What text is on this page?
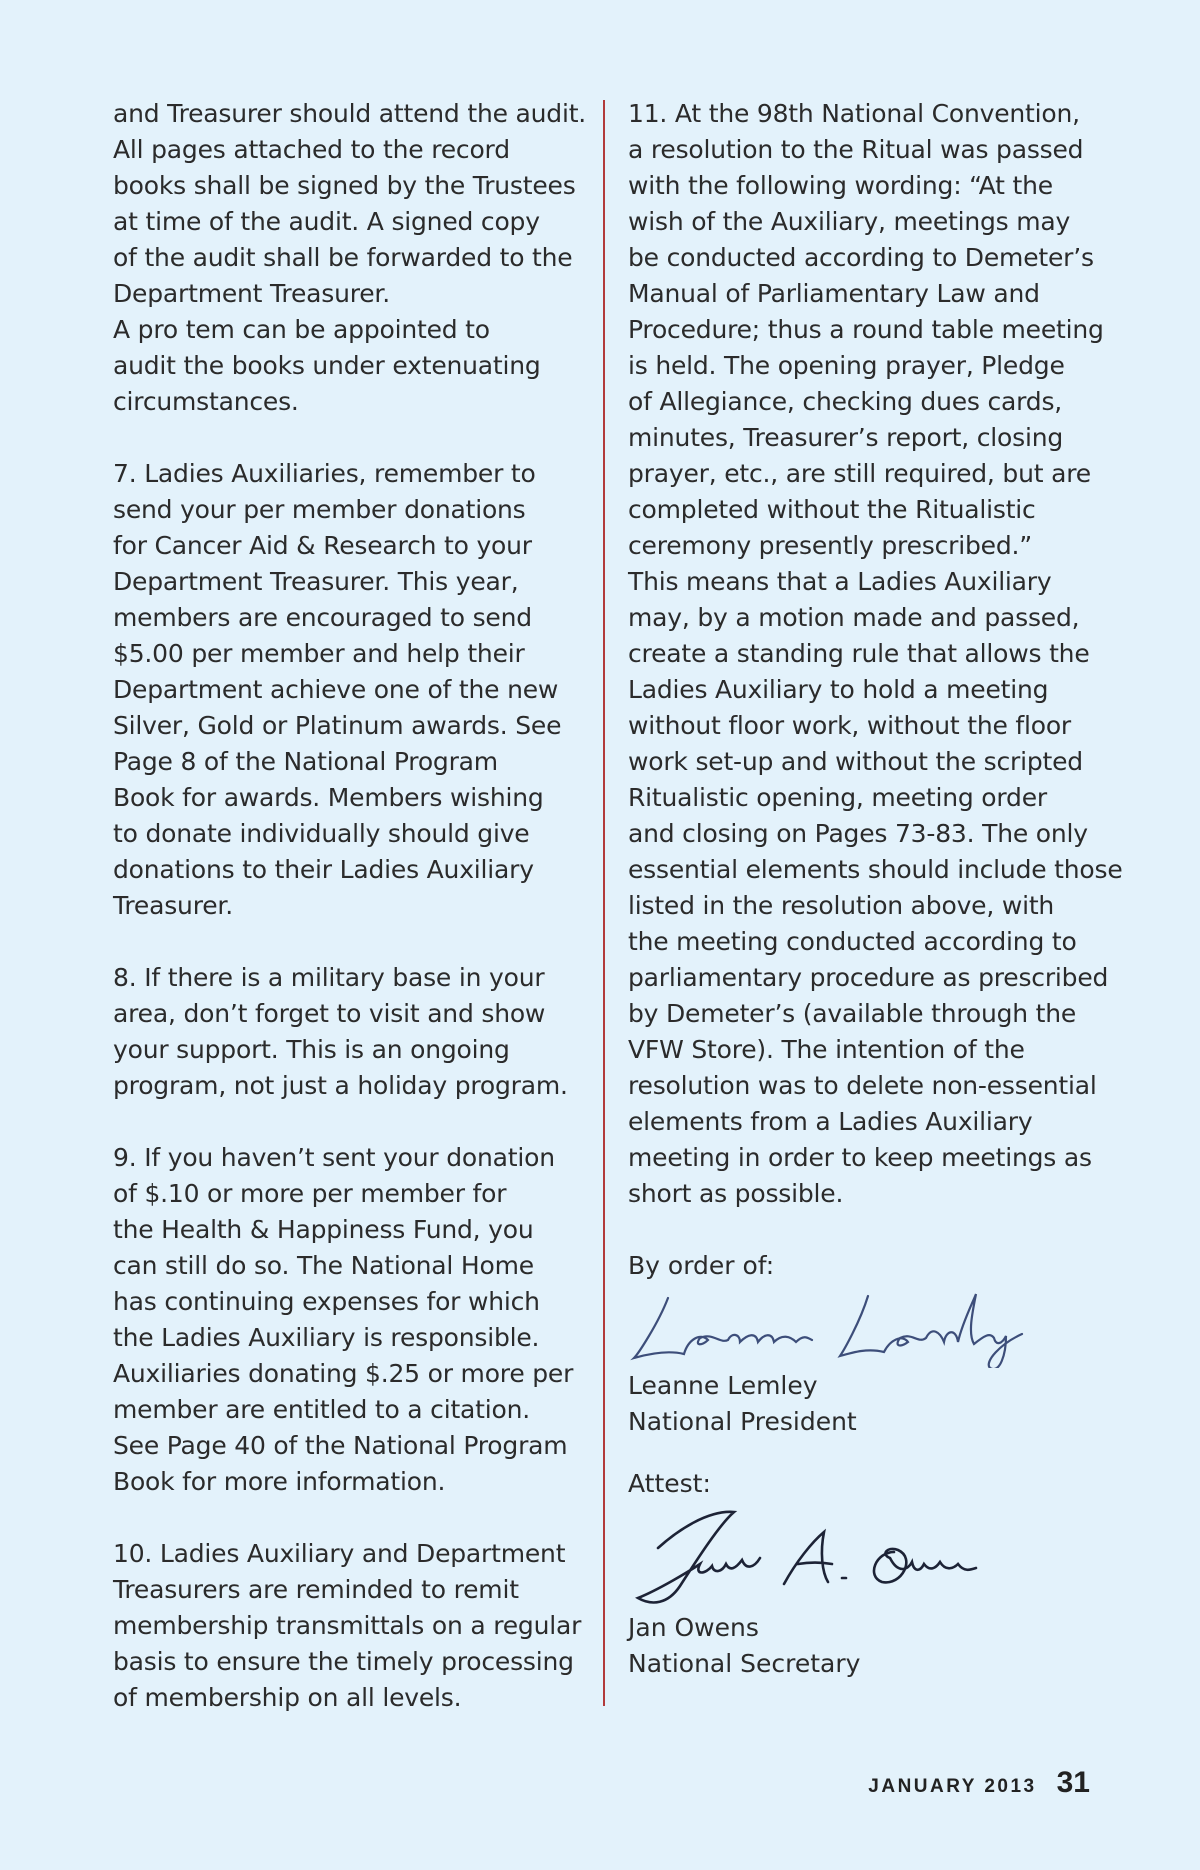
and Treasurer should attend the audit.
All pages attached to the record
books shall be signed by the Trustees
at time of the audit. A signed copy
of the audit shall be forwarded to the
Department Treasurer.
A pro tem can be appointed to
audit the books under extenuating
circumstances.

7. Ladies Auxiliaries, remember to
send your per member donations
for Cancer Aid & Research to your
Department Treasurer. This year,
members are encouraged to send
$5.00 per member and help their
Department achieve one of the new
Silver, Gold or Platinum awards. See
Page 8 of the National Program
Book for awards. Members wishing
to donate individually should give
donations to their Ladies Auxiliary
Treasurer.

8. If there is a military base in your
area, don’t forget to visit and show
your support. This is an ongoing
program, not just a holiday program.

9. If you haven’t sent your donation
of $.10 or more per member for
the Health & Happiness Fund, you
can still do so. The National Home
has continuing expenses for which
the Ladies Auxiliary is responsible.
Auxiliaries donating $.25 or more per
member are entitled to a citation.
See Page 40 of the National Program
Book for more information.

10. Ladies Auxiliary and Department
Treasurers are reminded to remit
membership transmittals on a regular
basis to ensure the timely processing
of membership on all levels.

11. At the 98th National Convention,
a resolution to the Ritual was passed
with the following wording: “At the
wish of the Auxiliary, meetings may
be conducted according to Demeter’s
Manual of Parliamentary Law and
Procedure; thus a round table meeting
is held. The opening prayer, Pledge
of Allegiance, checking dues cards,
minutes, Treasurer’s report, closing
prayer, etc., are still required, but are
completed without the Ritualistic
ceremony presently prescribed.”

This means that a Ladies Auxiliary
may, by a motion made and passed,
create a standing rule that allows the
Ladies Auxiliary to hold a meeting
without floor work, without the floor
work set-up and without the scripted
Ritualistic opening, meeting order
and closing on Pages 73-83. The only
essential elements should include those
listed in the resolution above, with
the meeting conducted according to
parliamentary procedure as prescribed
by Demeter’s (available through the
VFW Store). The intention of the
resolution was to delete non-essential
elements from a Ladies Auxiliary
meeting in order to keep meetings as
short as possible.

By order of:

Leanne Lemley

National President

Attest:

Jan Owens

National Secretary

JANUARY 2013 31
